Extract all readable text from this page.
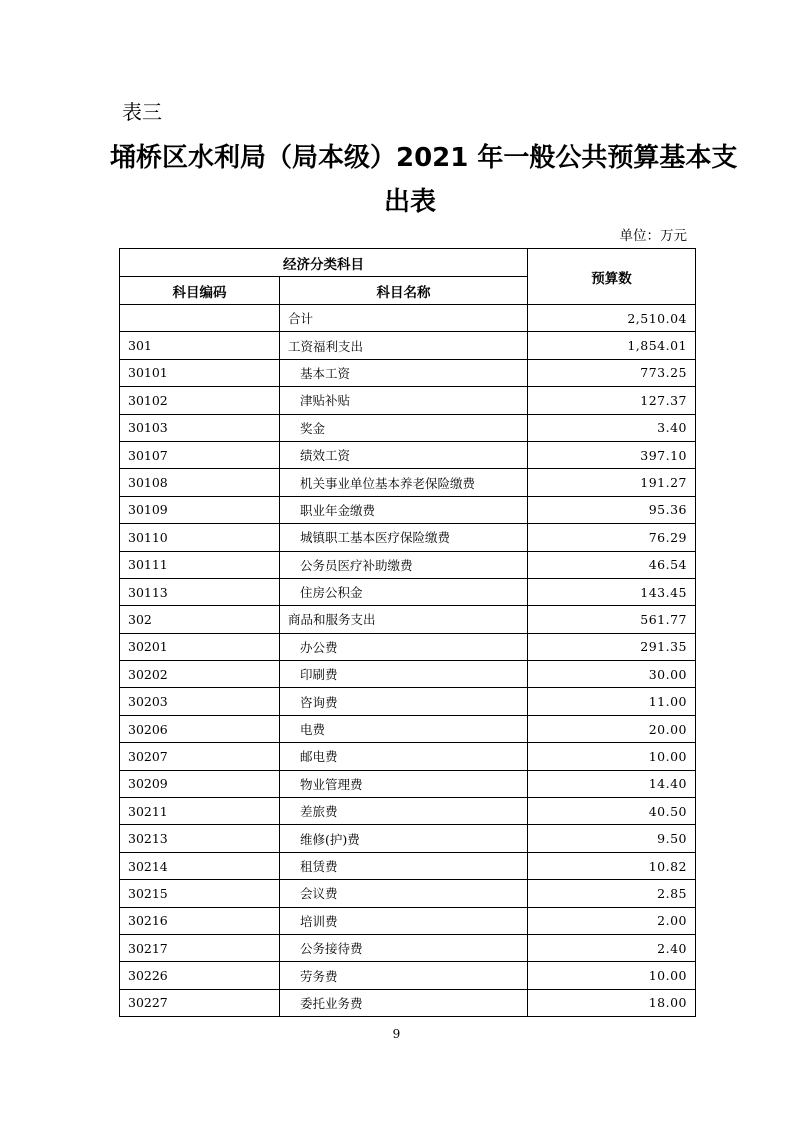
表三
埇桥区水利局（局本级）2021 年一般公共预算基本支
出表
单位：万元
经济分类科目		预算数
科目编码	科目名称	
	合计	2,510.04
301	工资福利支出	1,854.01
30101	基本工资	773.25
30102	津贴补贴	127.37
30103	奖金	3.40
30107	绩效工资	397.10
30108	机关事业单位基本养老保险缴费	191.27
30109	职业年金缴费	95.36
30110	城镇职工基本医疗保险缴费	76.29
30111	公务员医疗补助缴费	46.54
30113	住房公积金	143.45
302	商品和服务支出	561.77
30201	办公费	291.35
30202	印刷费	30.00
30203	咨询费	11.00
30206	电费	20.00
30207	邮电费	10.00
30209	物业管理费	14.40
30211	差旅费	40.50
30213	维修(护)费	9.50
30214	租赁费	10.82
30215	会议费	2.85
30216	培训费	2.00
30217	公务接待费	2.40
30226	劳务费	10.00
30227	委托业务费	18.00
9
